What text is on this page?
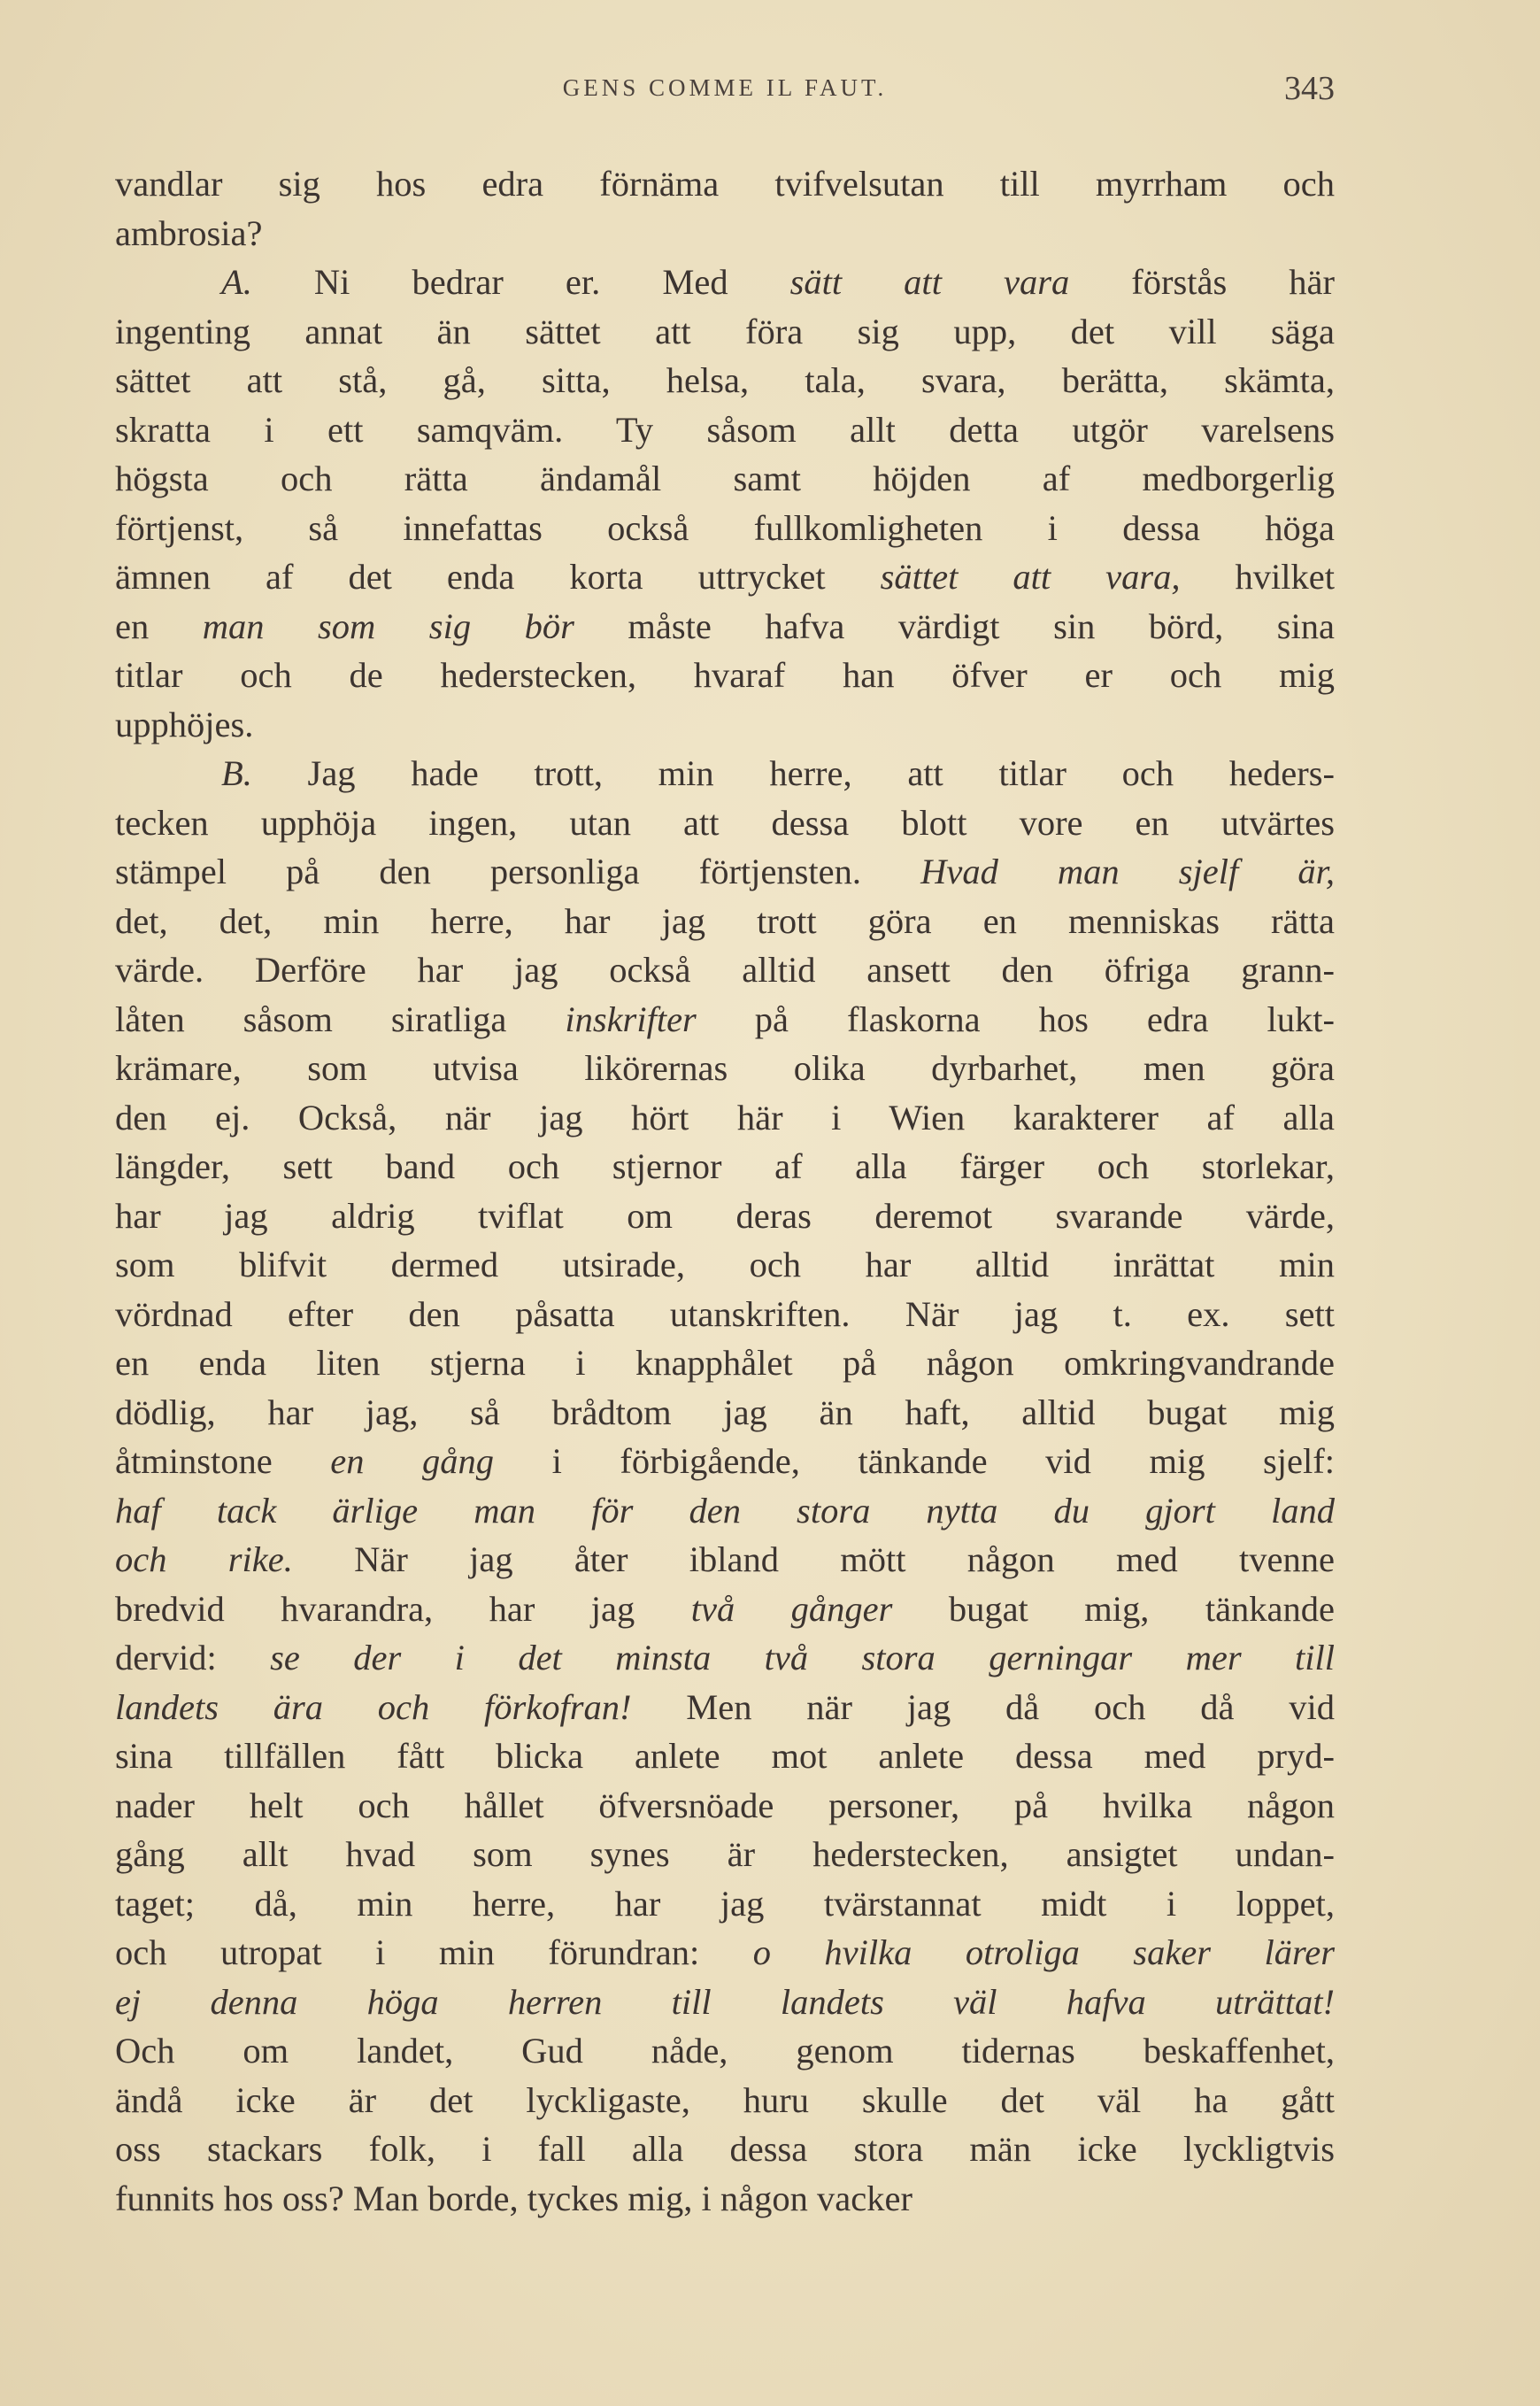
GENS COMME IL FAUT.	343
vandlar sig hos edra förnäma tvifvelsutan till myrrham och
ambrosia?
A. Ni bedrar er. Med sätt att vara förstås här
ingenting annat än sättet att föra sig upp, det vill säga
sättet att stå, gå, sitta, helsa, tala, svara, berätta, skämta,
skratta i ett samqväm. Ty såsom allt detta utgör varelsens
högsta och rätta ändamål samt höjden af medborgerlig
förtjenst, så innefattas också fullkomligheten i dessa höga
ämnen af det enda korta uttrycket sättet att vara, hvilket
en man som sig bör måste hafva värdigt sin börd, sina
titlar och de hederstecken, hvaraf han öfver er och mig
upphöjes.
B. Jag hade trott, min herre, att titlar och heders-
tecken upphöja ingen, utan att dessa blott vore en utvärtes
stämpel på den personliga förtjensten. Hvad man sjelf är,
det, det, min herre, har jag trott göra en menniskas rätta
värde. Derföre har jag också alltid ansett den öfriga grann-
låten såsom siratliga inskrifter på flaskorna hos edra lukt-
krämare, som utvisa likörernas olika dyrbarhet, men göra
den ej. Också, när jag hört här i Wien karakterer af alla
längder, sett band och stjernor af alla färger och storlekar,
har jag aldrig tviflat om deras deremot svarande värde,
som blifvit dermed utsirade, och har alltid inrättat min
vördnad efter den påsatta utanskriften. När jag t. ex. sett
en enda liten stjerna i knapphålet på någon omkringvandrande
dödlig, har jag, så brådtom jag än haft, alltid bugat mig
åtminstone en gång i förbigående, tänkande vid mig sjelf:
haf tack ärlige man för den stora nytta du gjort land
och rike. När jag åter ibland mött någon med tvenne
bredvid hvarandra, har jag två gånger bugat mig, tänkande
dervid: se der i det minsta två stora gerningar mer till
landets ära och förkofran! Men när jag då och då vid
sina tillfällen fått blicka anlete mot anlete dessa med pryd-
nader helt och hållet öfversnöade personer, på hvilka någon
gång allt hvad som synes är hederstecken, ansigtet undan-
taget; då, min herre, har jag tvärstannat midt i loppet,
och utropat i min förundran: o hvilka otroliga saker lärer
ej denna höga herren till landets väl hafva uträttat!
Och om landet, Gud nåde, genom tidernas beskaffenhet,
ändå icke är det lyckligaste, huru skulle det väl ha gått
oss stackars folk, i fall alla dessa stora män icke lyckligtvis
funnits hos oss? Man borde, tyckes mig, i någon vacker
